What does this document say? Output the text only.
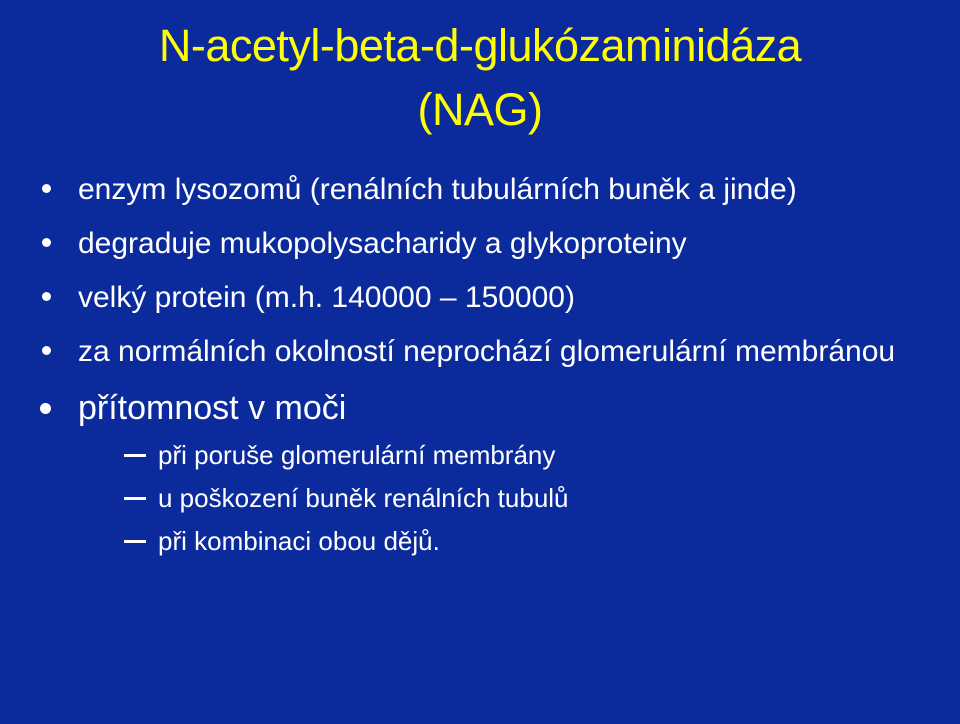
N-acetyl-beta-d-glukózaminidáza
(NAG)
enzym lysozomů (renálních tubulárních buněk a jinde)
degraduje mukopolysacharidy a glykoproteiny
velký protein (m.h. 140000 – 150000)
za normálních okolností neprochází glomerulární membránou
přítomnost v moči
při poruše glomerulární membrány
u poškození buněk renálních tubulů
při kombinaci obou dějů.
